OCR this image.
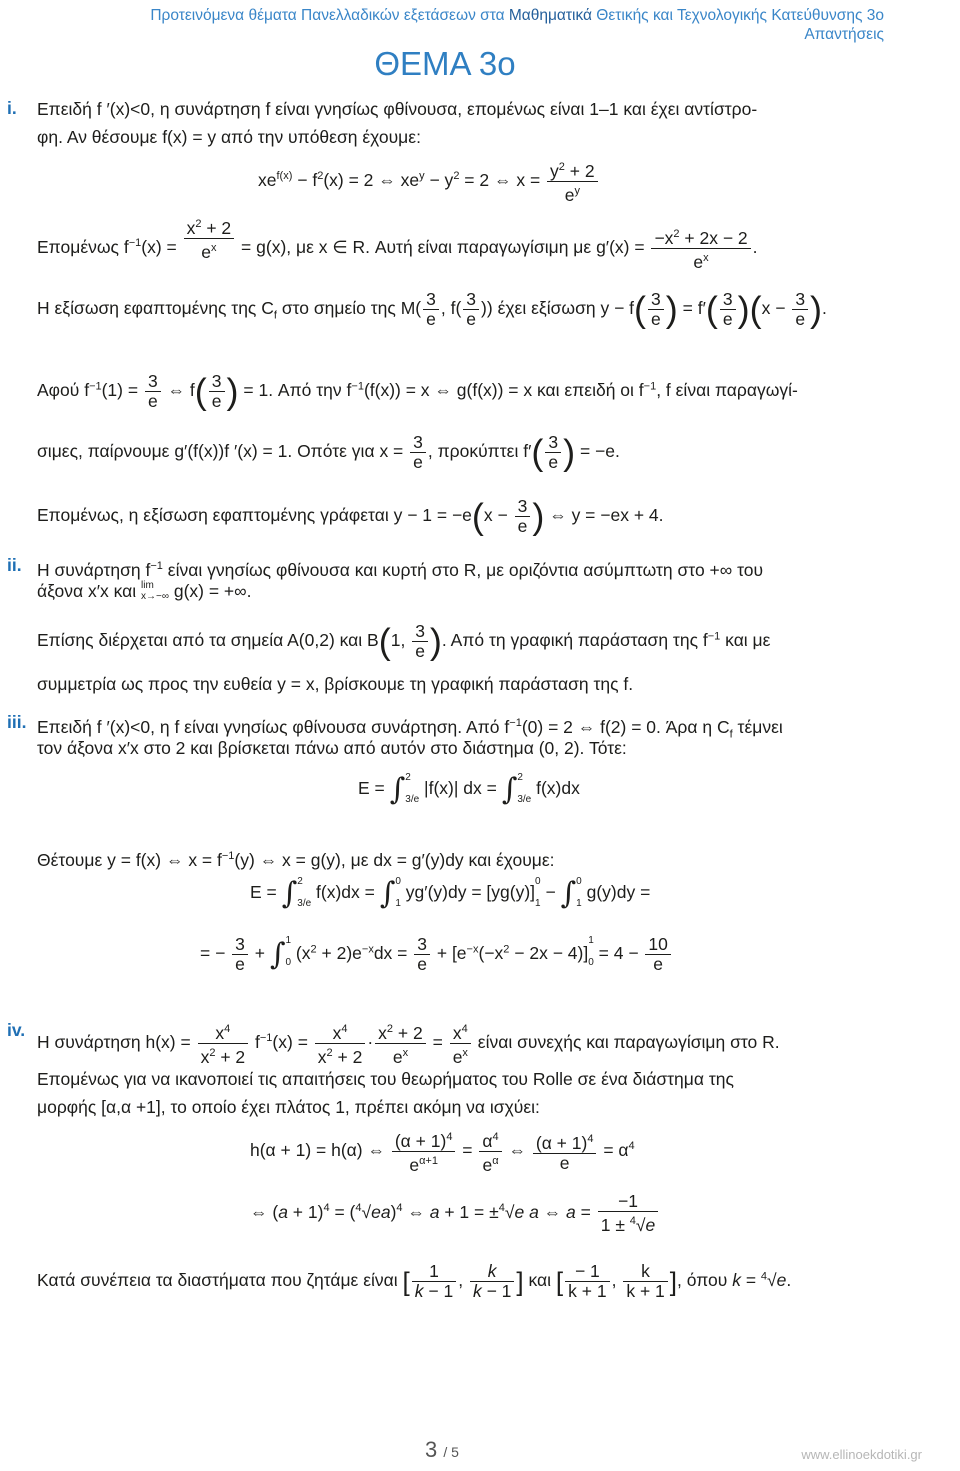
Προτεινόμενα θέματα Πανελλαδικών εξετάσεων στα Μαθηματικά Θετικής και Τεχνολογικής Κατεύθυνσης 3ο
Απαντήσεις
ΘΕΜΑ 3ο
i. Επειδή f ′(x)<0, η συνάρτηση f είναι γνησίως φθίνουσα, επομένως είναι 1–1 και έχει αντίστρο-
φη. Αν θέσουμε f(x) = y από την υπόθεση έχουμε:
$xe^{f(x)} - f^2(x) = 2$ ⇔ $xe^y - y^2 = 2$ ⇔ $x = \frac{y^2 + 2}{e^y}$
Επομένως $f^{-1}(x) = \frac{x^2 + 2}{e^x} = g(x)$, με x ∈ R. Αυτή είναι παραγωγίσιμη με $g'(x) = \frac{-x^2 + 2x - 2}{e^x}$ .
Η εξίσωση εφαπτομένης της $C_f$ στο σημείο της $M( \frac{3}{e}$ , $f( \frac{3}{e}$ )) έχει εξίσωση $y - f( \frac{3}{e}$ ) = $f'( \frac{3}{e} )(x - \frac{3}{e}$ ).
Αφού $f^{-1}(1) = \frac{3}{e}$ ⇔ $f( \frac{3}{e}$ ) = 1. Από την $f^{-1}(f(x)) = x$ ⇔ g(f(x)) = x και επειδή οι $f^{-1}$, f είναι παραγωγί-
σιμες, παίρνουμε g′(f(x))f ′(x) = 1. Οπότε για $x = \frac{3}{e}$ , προκύπτει $f'( \frac{3}{e}$ ) = −e.
Επομένως, η εξίσωση εφαπτομένης γράφεται $y - 1 = -e(x - \frac{3}{e}$ ) ⇔ y = −ex + 4.
ii. Η συνάρτηση $f^{-1}$ είναι γνησίως φθίνουσα και κυρτή στο R, με οριζόντια ασύμπτωτη στο +∞ του
άξονα x′x και lim
x→−∞ g(x) = +∞.
Επίσης διέρχεται από τα σημεία Α(0,2) και Β(1, $\frac{3}{e}$ ). Από τη γραφική παράσταση της $f^{-1}$ και με
συμμετρία ως προς την ευθεία y = x, βρίσκουμε τη γραφική παράσταση της f.
iii. Επειδή f ′(x)<0, η f είναι γνησίως φθίνουσα συνάρτηση. Από $f^{-1}(0) = 2$ ⇔ f(2) = 0. Άρα η $C_f$ τέμνει
τον άξονα x′x στο 2 και βρίσκεται πάνω από αυτόν στο διάστημα (0, 2). Τότε:
E = ∫2

3/e |f(x)| dx = ∫2

3/e f(x)dx
Θέτουμε y = f(x) ⇔ $x = f^{-1}(y)$ ⇔ x = g(y), με dx = g′(y)dy και έχουμε:
E = ∫2

3/e f(x)dx = ∫0

1 yg′(y)dy = [yg(y)]0

1 − ∫0

1 g(y)dy =
= − $\frac{3}{e} + \int 1$

0 $(x^2 + 2)e^{-x}dx = \frac{3}{e} + [e^{-x}(-x^2 - 2x - 4)]1$

$0 = 4 - \frac{10}{e}$
iv.
Η συνάρτηση $h(x) = \frac{x^4}{x^2 + 2} f^{-1}(x) = \frac{x^4}{x^2 + 2} \cdot \frac{x^2 + 2}{e^x} = \frac{x^4}{e^x}$ είναι συνεχής και παραγωγίσιμη στο R.
Επομένως για να ικανοποιεί τις απαιτήσεις του θεωρήματος του Rolle σε ένα διάστημα της
μορφής [α,α +1], το οποίο έχει πλάτος 1, πρέπει ακόμη να ισχύει:
h(α + 1) = h(α) ⇔ $\frac{(\alpha + 1)^4}{e^{\alpha+1}} = \frac{\alpha^4}{e^\alpha}$ ⇔ $\frac{(\alpha + 1)^4}{e} = \alpha^4$
⇔ $(a + 1)^4 = (^4√ea)^4$ ⇔ a + 1 = ±$^4$√e a ⇔ $a = \frac{-1}{1 \pm ^4√e}$
Κατά συνέπεια τα διαστήματα που ζητάμε είναι [ $\frac{1}{k - 1}$ , $\frac{k}{k - 1}$ ] και [ $\frac{- 1}{k + 1}$ , $\frac{k}{k + 1}$ ], όπου k = $^4$√e.
3 / 5	www.ellinoekdotiki.gr
